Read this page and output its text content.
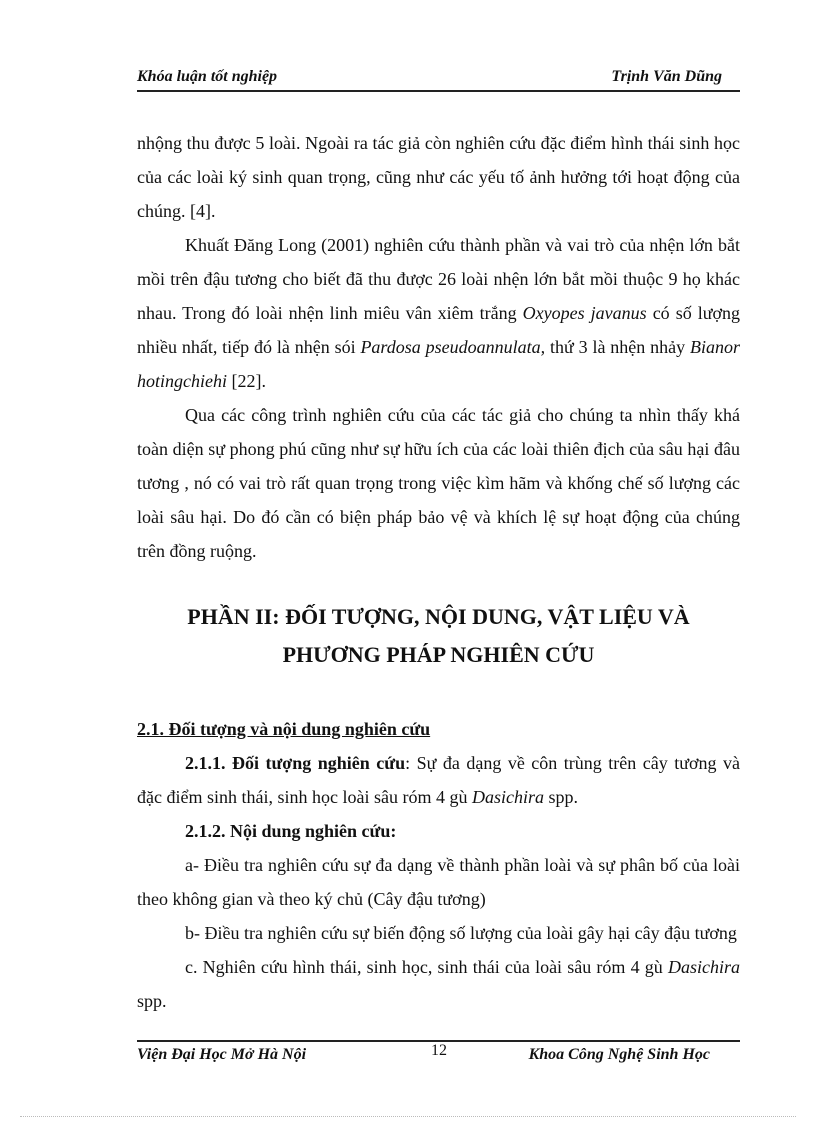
Khóa luận tốt nghiệp	Trịnh Văn Dũng

nhộng thu được 5 loài. Ngoài ra tác giả còn nghiên cứu đặc điểm hình thái sinh học của các loài ký sinh quan trọng, cũng như các yếu tố ảnh hưởng tới hoạt động của chúng. [4].

Khuất Đăng Long (2001) nghiên cứu thành phần và vai trò của nhện lớn bắt mồi trên đậu tương cho biết đã thu được 26 loài nhện lớn bắt mồi thuộc 9 họ khác nhau. Trong đó loài nhện linh miêu vân xiêm trắng Oxyopes javanus có số lượng nhiều nhất, tiếp đó là nhện sói Pardosa pseudoannulata, thứ 3 là nhện nhảy Bianor hotingchiehi [22].

Qua các công trình nghiên cứu của các tác giả cho chúng ta nhìn thấy khá toàn diện sự phong phú cũng như sự hữu ích của các loài thiên địch của sâu hại đâu tương , nó có vai trò rất quan trọng trong việc kìm hãm và khống chế số lượng các loài sâu hại. Do đó cần có biện pháp bảo vệ và khích lệ sự hoạt động của chúng trên đồng ruộng.

PHẦN II: ĐỐI TƯỢNG, NỘI DUNG, VẬT LIỆU VÀ
PHƯƠNG PHÁP NGHIÊN CỨU

2.1. Đối tượng và nội dung nghiên cứu

2.1.1. Đối tượng nghiên cứu: Sự đa dạng về côn trùng trên cây tương và đặc điểm sinh thái, sinh học loài sâu róm 4 gù Dasichira spp.

2.1.2. Nội dung nghiên cứu:

a- Điều tra nghiên cứu sự đa dạng về thành phần loài và sự phân bố của loài theo không gian và theo ký chủ (Cây đậu tương)

b- Điều tra nghiên cứu sự biến động số lượng của loài gây hại cây đậu tương

c. Nghiên cứu hình thái, sinh học, sinh thái của loài sâu róm 4 gù Dasichira spp.

Viện Đại Học Mở Hà Nội	12	Khoa Công Nghệ Sinh Học
